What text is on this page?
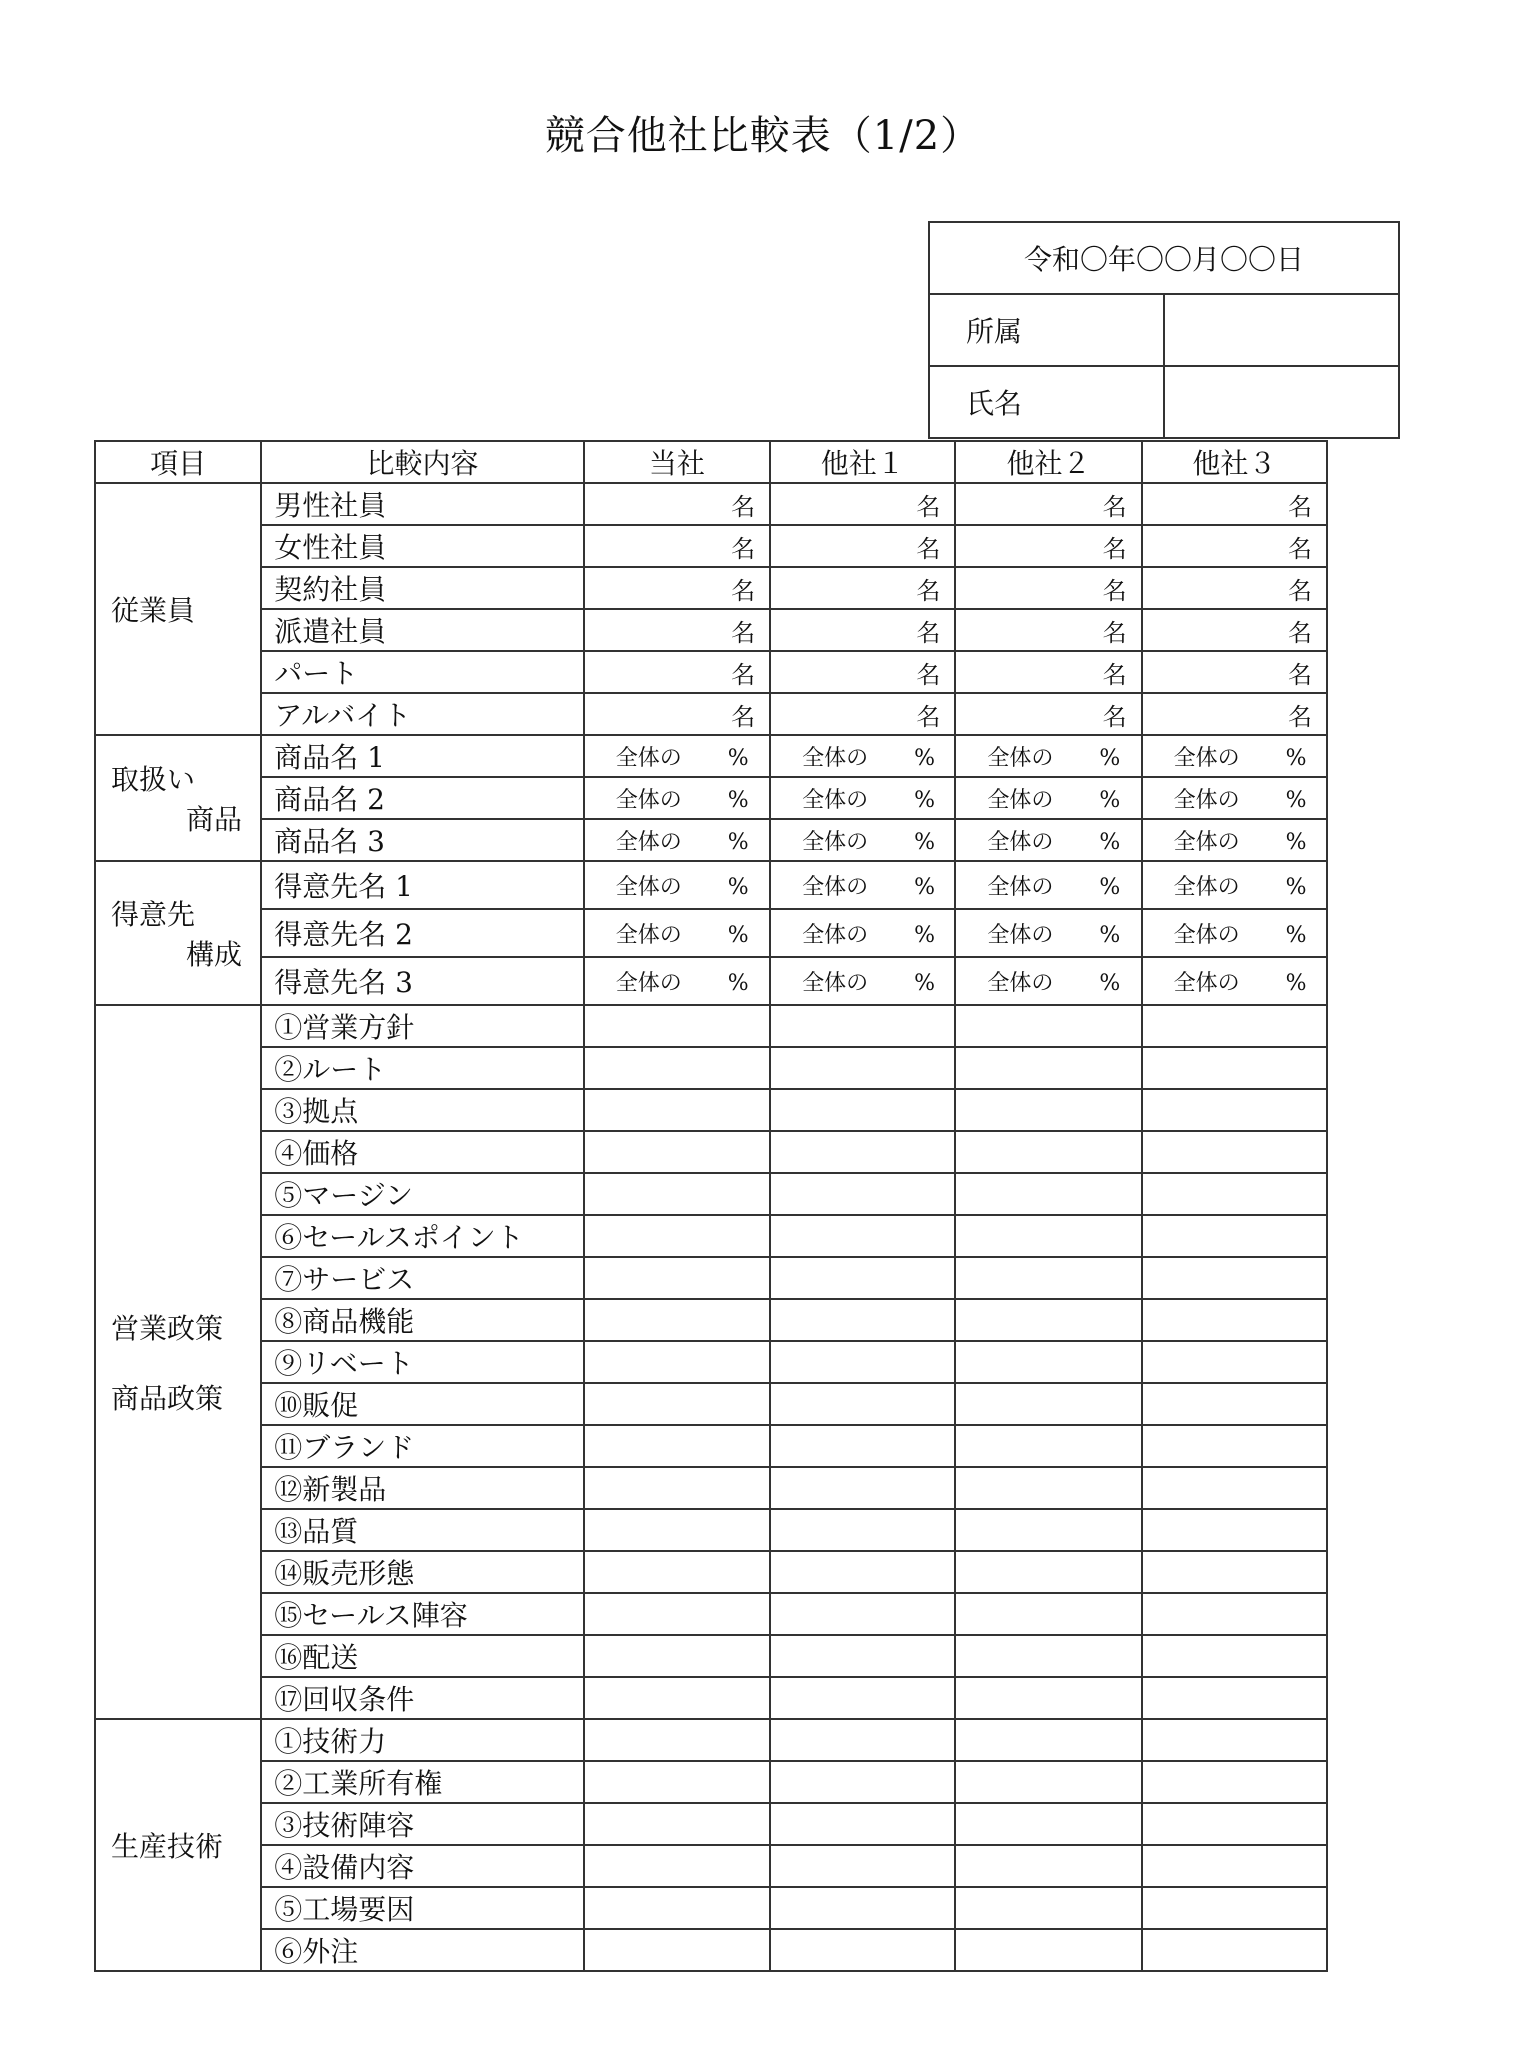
競合他社比較表（1/2）
令和〇年〇〇月〇〇日	
所属	
氏名	
項目	比較内容	当社	他社１	他社２	他社３
従業員	男性社員	名	名	名	名
	女性社員	名	名	名	名
	契約社員	名	名	名	名
	派遣社員	名	名	名	名
	パート	名	名	名	名
	アルバイト	名	名	名	名

取扱い
商品	商品名 1	全体の %	全体の %	全体の %	全体の %
	商品名 2	全体の %	全体の %	全体の %	全体の %
	商品名 3	全体の %	全体の %	全体の %	全体の %

得意先
構成	得意先名 1	全体の %	全体の %	全体の %	全体の %
	得意先名 2	全体の %	全体の %	全体の %	全体の %
	得意先名 3	全体の %	全体の %	全体の %	全体の %

営業政策
商品政策	①営業方針				
	②ルート				
	③拠点				
	④価格				
	⑤マージン				
	⑥セールスポイント				
	⑦サービス				
	⑧商品機能				
	⑨リベート				
	⑩販促				
	⑪ブランド				
	⑫新製品				
	⑬品質				
	⑭販売形態				
	⑮セールス陣容				
	⑯配送				
	⑰回収条件				
生産技術	①技術力				
	②工業所有権				
	③技術陣容				
	④設備内容				
	⑤工場要因				
	⑥外注				
